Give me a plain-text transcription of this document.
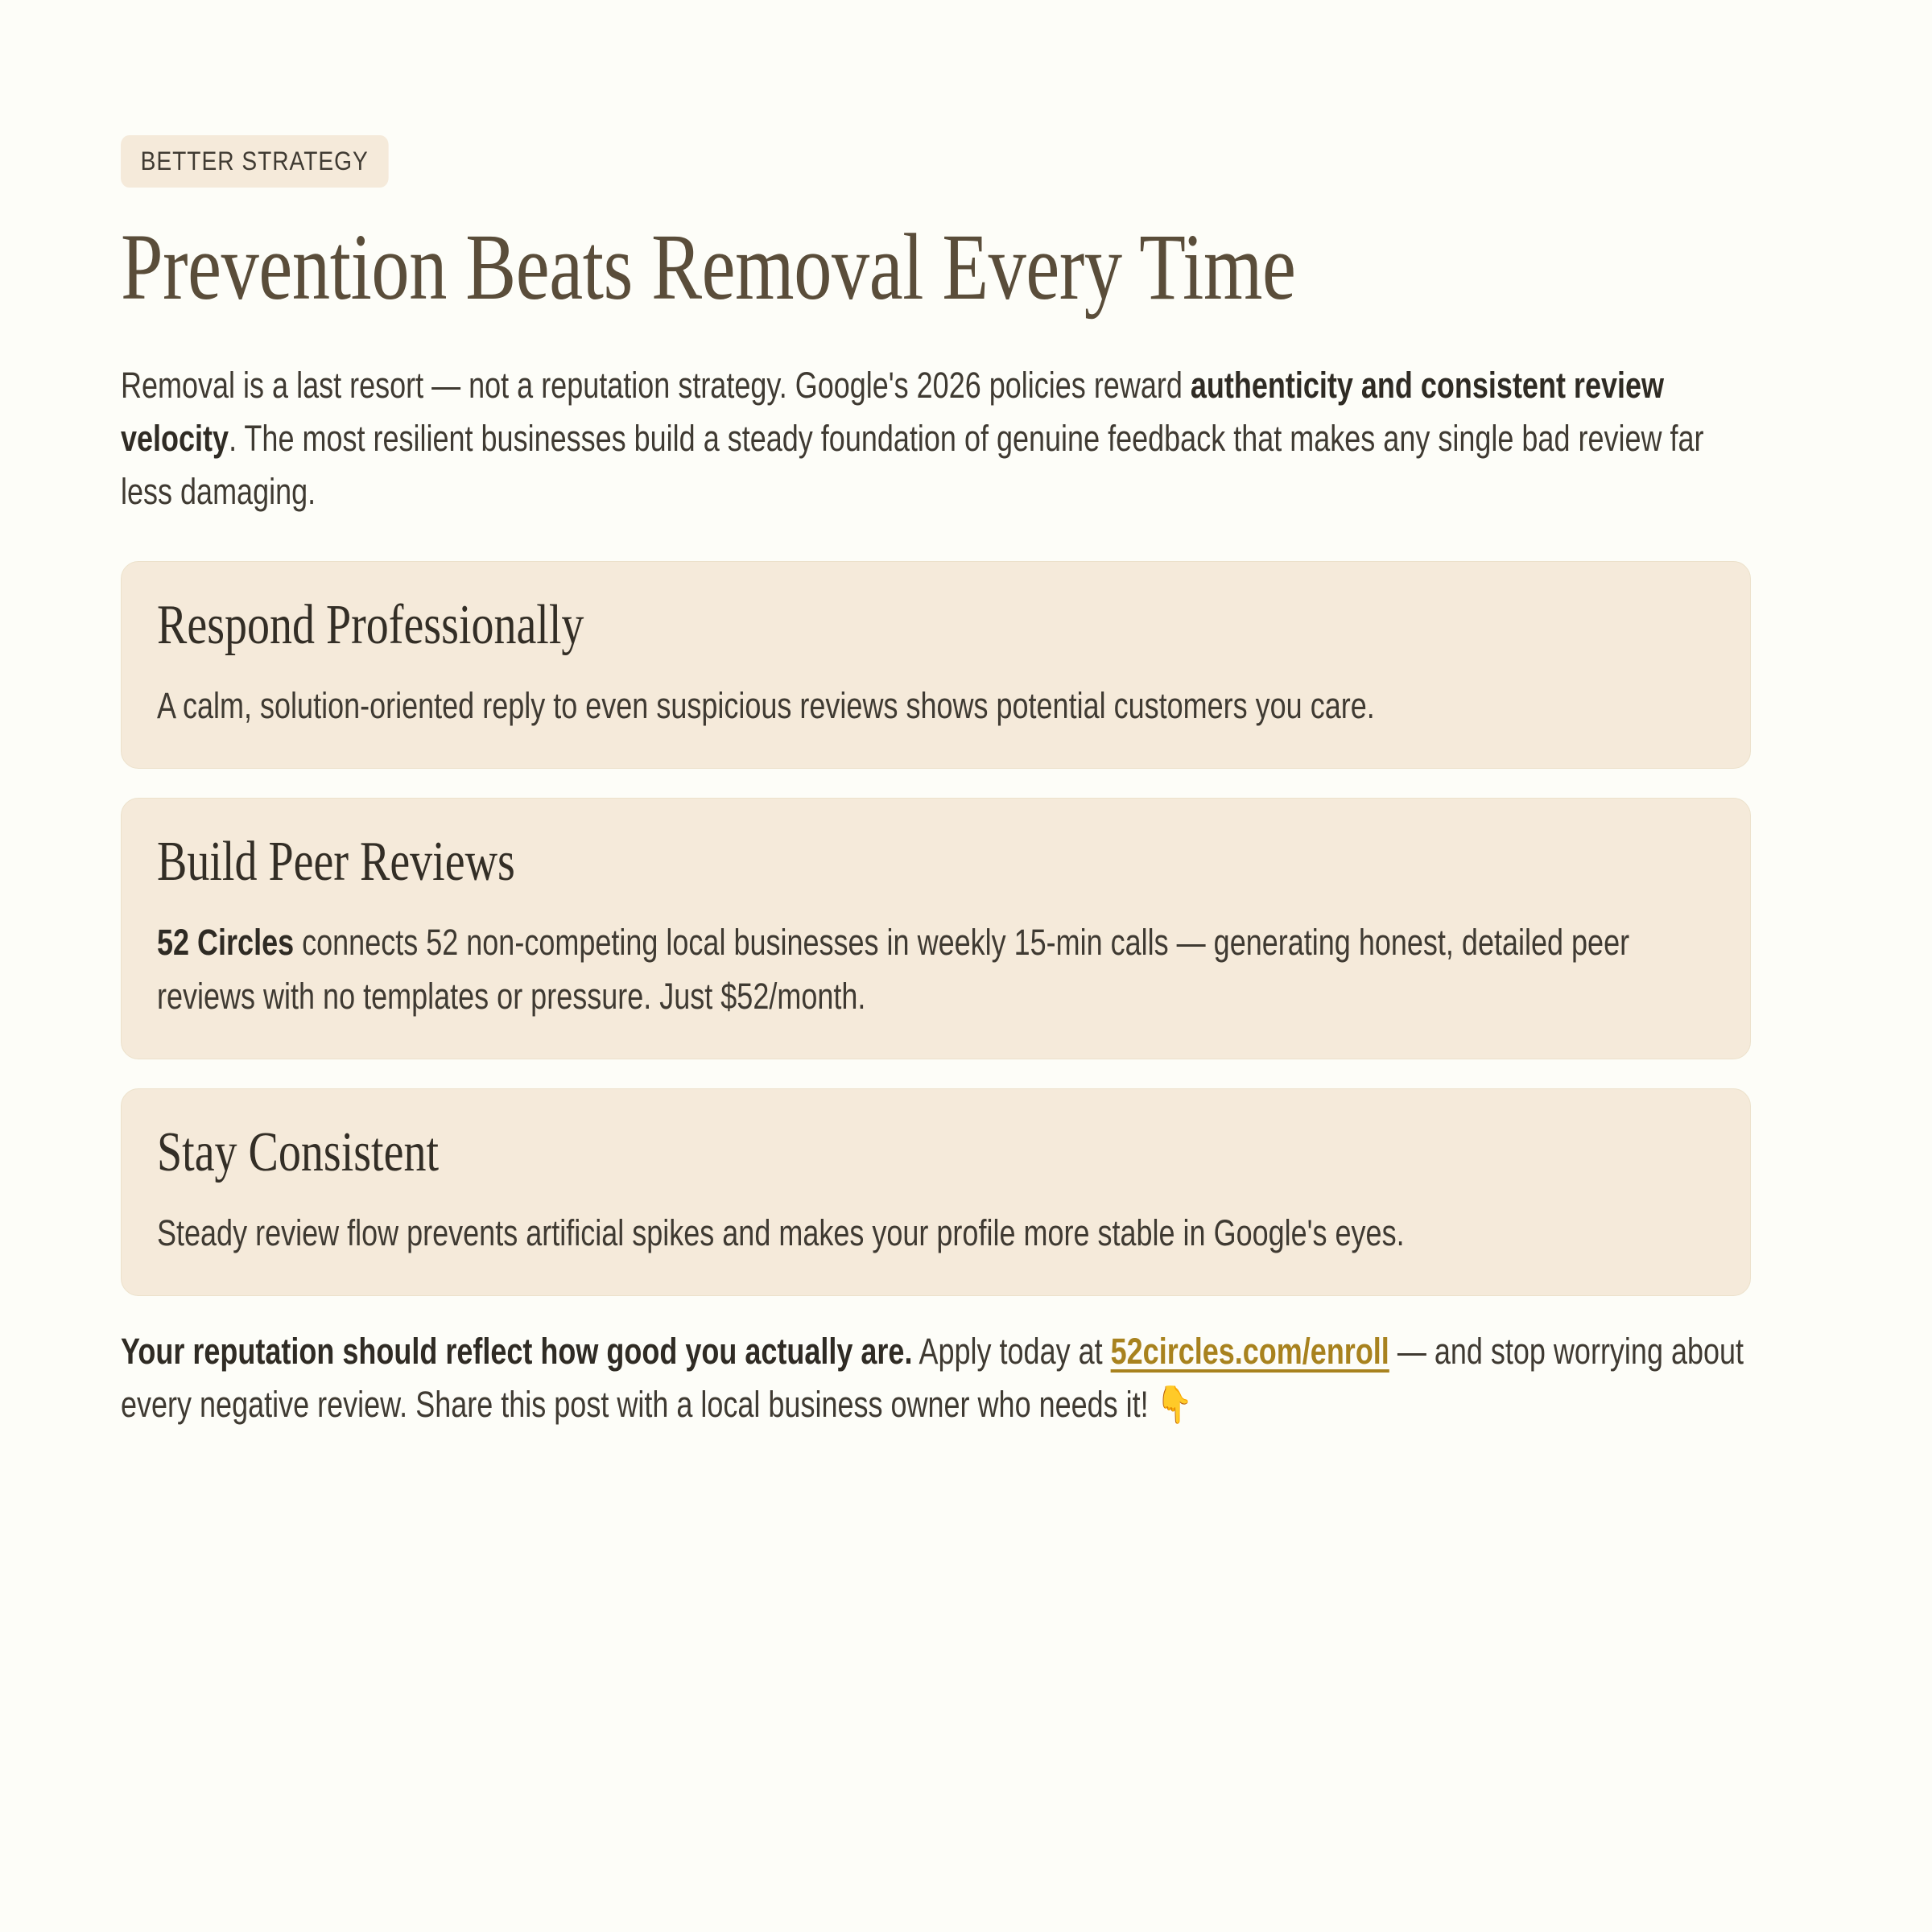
BETTER STRATEGY
Prevention Beats Removal Every Time

Removal is a last resort — not a reputation strategy. Google's 2026 policies reward authenticity and consistent review velocity. The most resilient businesses build a steady foundation of genuine feedback that makes any single bad review far less damaging.

Respond Professionally

A calm, solution-oriented reply to even suspicious reviews shows potential customers you care.

Build Peer Reviews

52 Circles connects 52 non-competing local businesses in weekly 15-min calls — generating honest, detailed peer reviews with no templates or pressure. Just $52/month.

Stay Consistent

Steady review flow prevents artificial spikes and makes your profile more stable in Google's eyes.

Your reputation should reflect how good you actually are. Apply today at 52circles.com/enroll — and stop worrying about every negative review. Share this post with a local business owner who needs it! 👇
